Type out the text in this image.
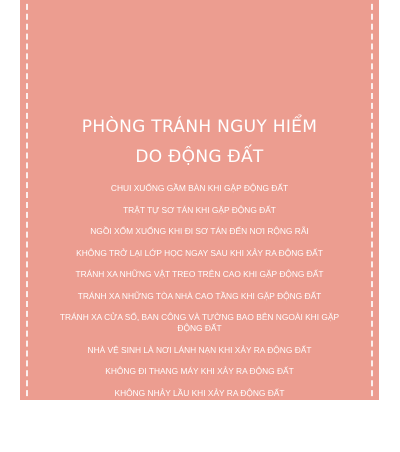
PHÒNG TRÁNH NGUY HIỂM
DO ĐỘNG ĐẤT
CHUI XUỐNG GẦM BÀN KHI GẶP ĐỘNG ĐẤT
TRẬT TỰ SƠ TÁN KHI GẶP ĐỘNG ĐẤT
NGỒI XỔM XUỐNG KHI ĐI SƠ TÁN ĐẾN NƠI RỘNG RÃI
KHÔNG TRỞ LẠI LỚP HỌC NGAY SAU KHI XẢY RA ĐỘNG ĐẤT
TRÁNH XA NHỮNG VẬT TREO TRÊN CAO KHI GẶP ĐỘNG ĐẤT
TRÁNH XA NHỮNG TÒA NHÀ CAO TẦNG KHI GẶP ĐỘNG ĐẤT
TRÁNH XA CỬA SỔ, BAN CÔNG VÀ TƯỜNG BAO BÊN NGOÀI KHI GẶP ĐỘNG ĐẤT
NHÀ VỆ SINH LÀ NƠI LÁNH NẠN KHI XẢY RA ĐỘNG ĐẤT
KHÔNG ĐI THANG MÁY KHI XẢY RA ĐỘNG ĐẤT
KHÔNG NHẢY LẦU KHI XẢY RA ĐỘNG ĐẤT
GIỮ SỨC KHI BỊ VÙI LẤP DƯỚI ĐỐNG ĐỔ NÁT
KHÔNG TIN NHỮNG LỜI ĐỒN ĐẠI VỀ ĐỘNG ĐẤT
